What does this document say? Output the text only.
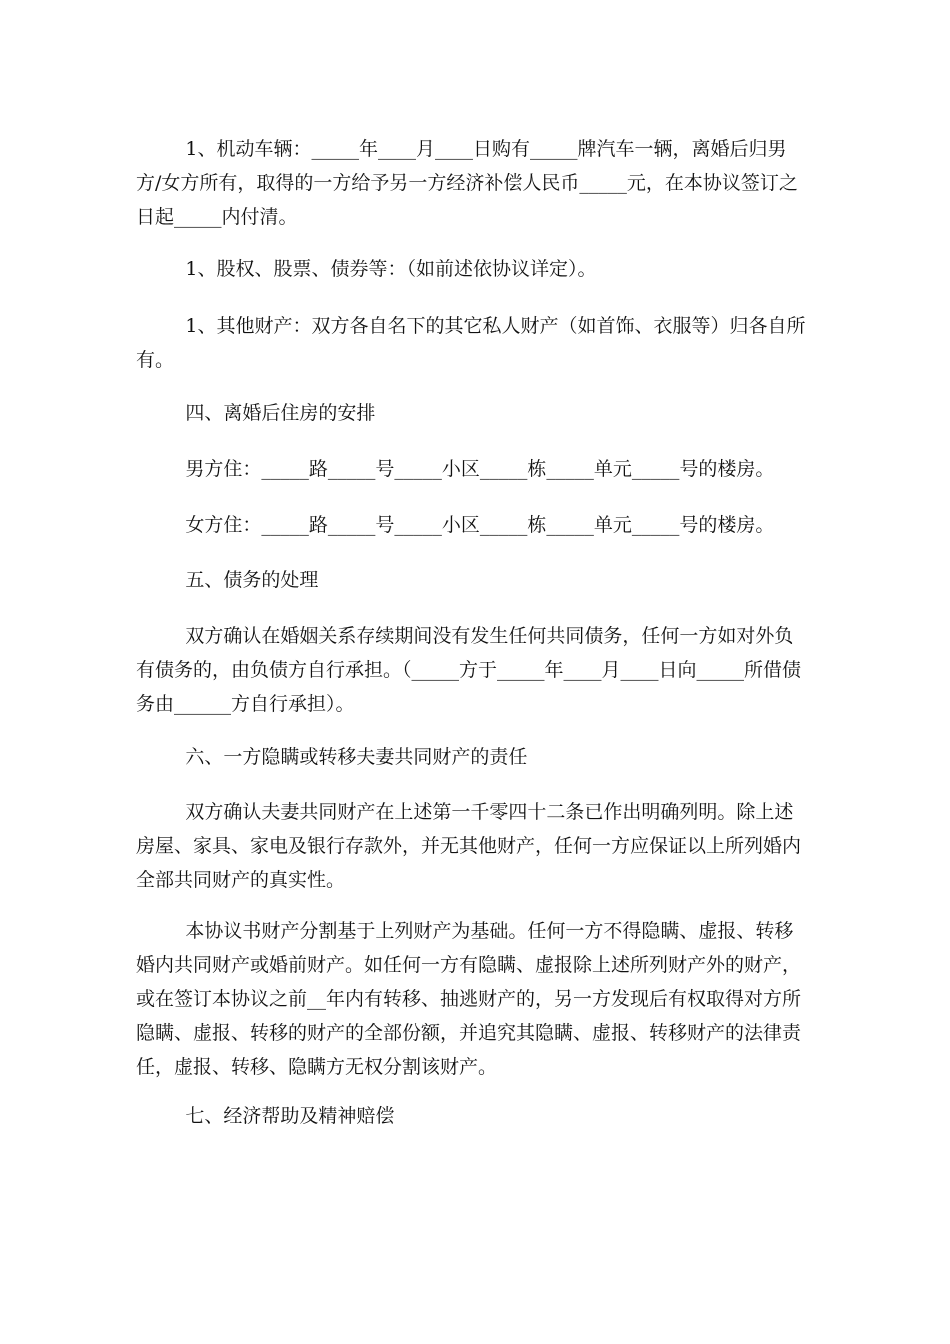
1、机动车辆：_____年____月____日购有_____牌汽车一辆，离婚后归男方/女方所有，取得的一方给予另一方经济补偿人民币_____元，在本协议签订之日起_____内付清。

1、股权、股票、债券等：（如前述依协议详定）。

1、其他财产：双方各自名下的其它私人财产（如首饰、衣服等）归各自所有。

四、离婚后住房的安排

男方住：_____路_____号_____小区_____栋_____单元_____号的楼房。

女方住：_____路_____号_____小区_____栋_____单元_____号的楼房。

五、债务的处理

双方确认在婚姻关系存续期间没有发生任何共同债务，任何一方如对外负有债务的，由负债方自行承担。（_____方于_____年____月____日向_____所借债务由______方自行承担）。

六、一方隐瞒或转移夫妻共同财产的责任

双方确认夫妻共同财产在上述第一千零四十二条已作出明确列明。除上述房屋、家具、家电及银行存款外，并无其他财产，任何一方应保证以上所列婚内全部共同财产的真实性。

本协议书财产分割基于上列财产为基础。任何一方不得隐瞒、虚报、转移婚内共同财产或婚前财产。如任何一方有隐瞒、虚报除上述所列财产外的财产，或在签订本协议之前__年内有转移、抽逃财产的，另一方发现后有权取得对方所隐瞒、虚报、转移的财产的全部份额，并追究其隐瞒、虚报、转移财产的法律责任，虚报、转移、隐瞒方无权分割该财产。

七、经济帮助及精神赔偿
